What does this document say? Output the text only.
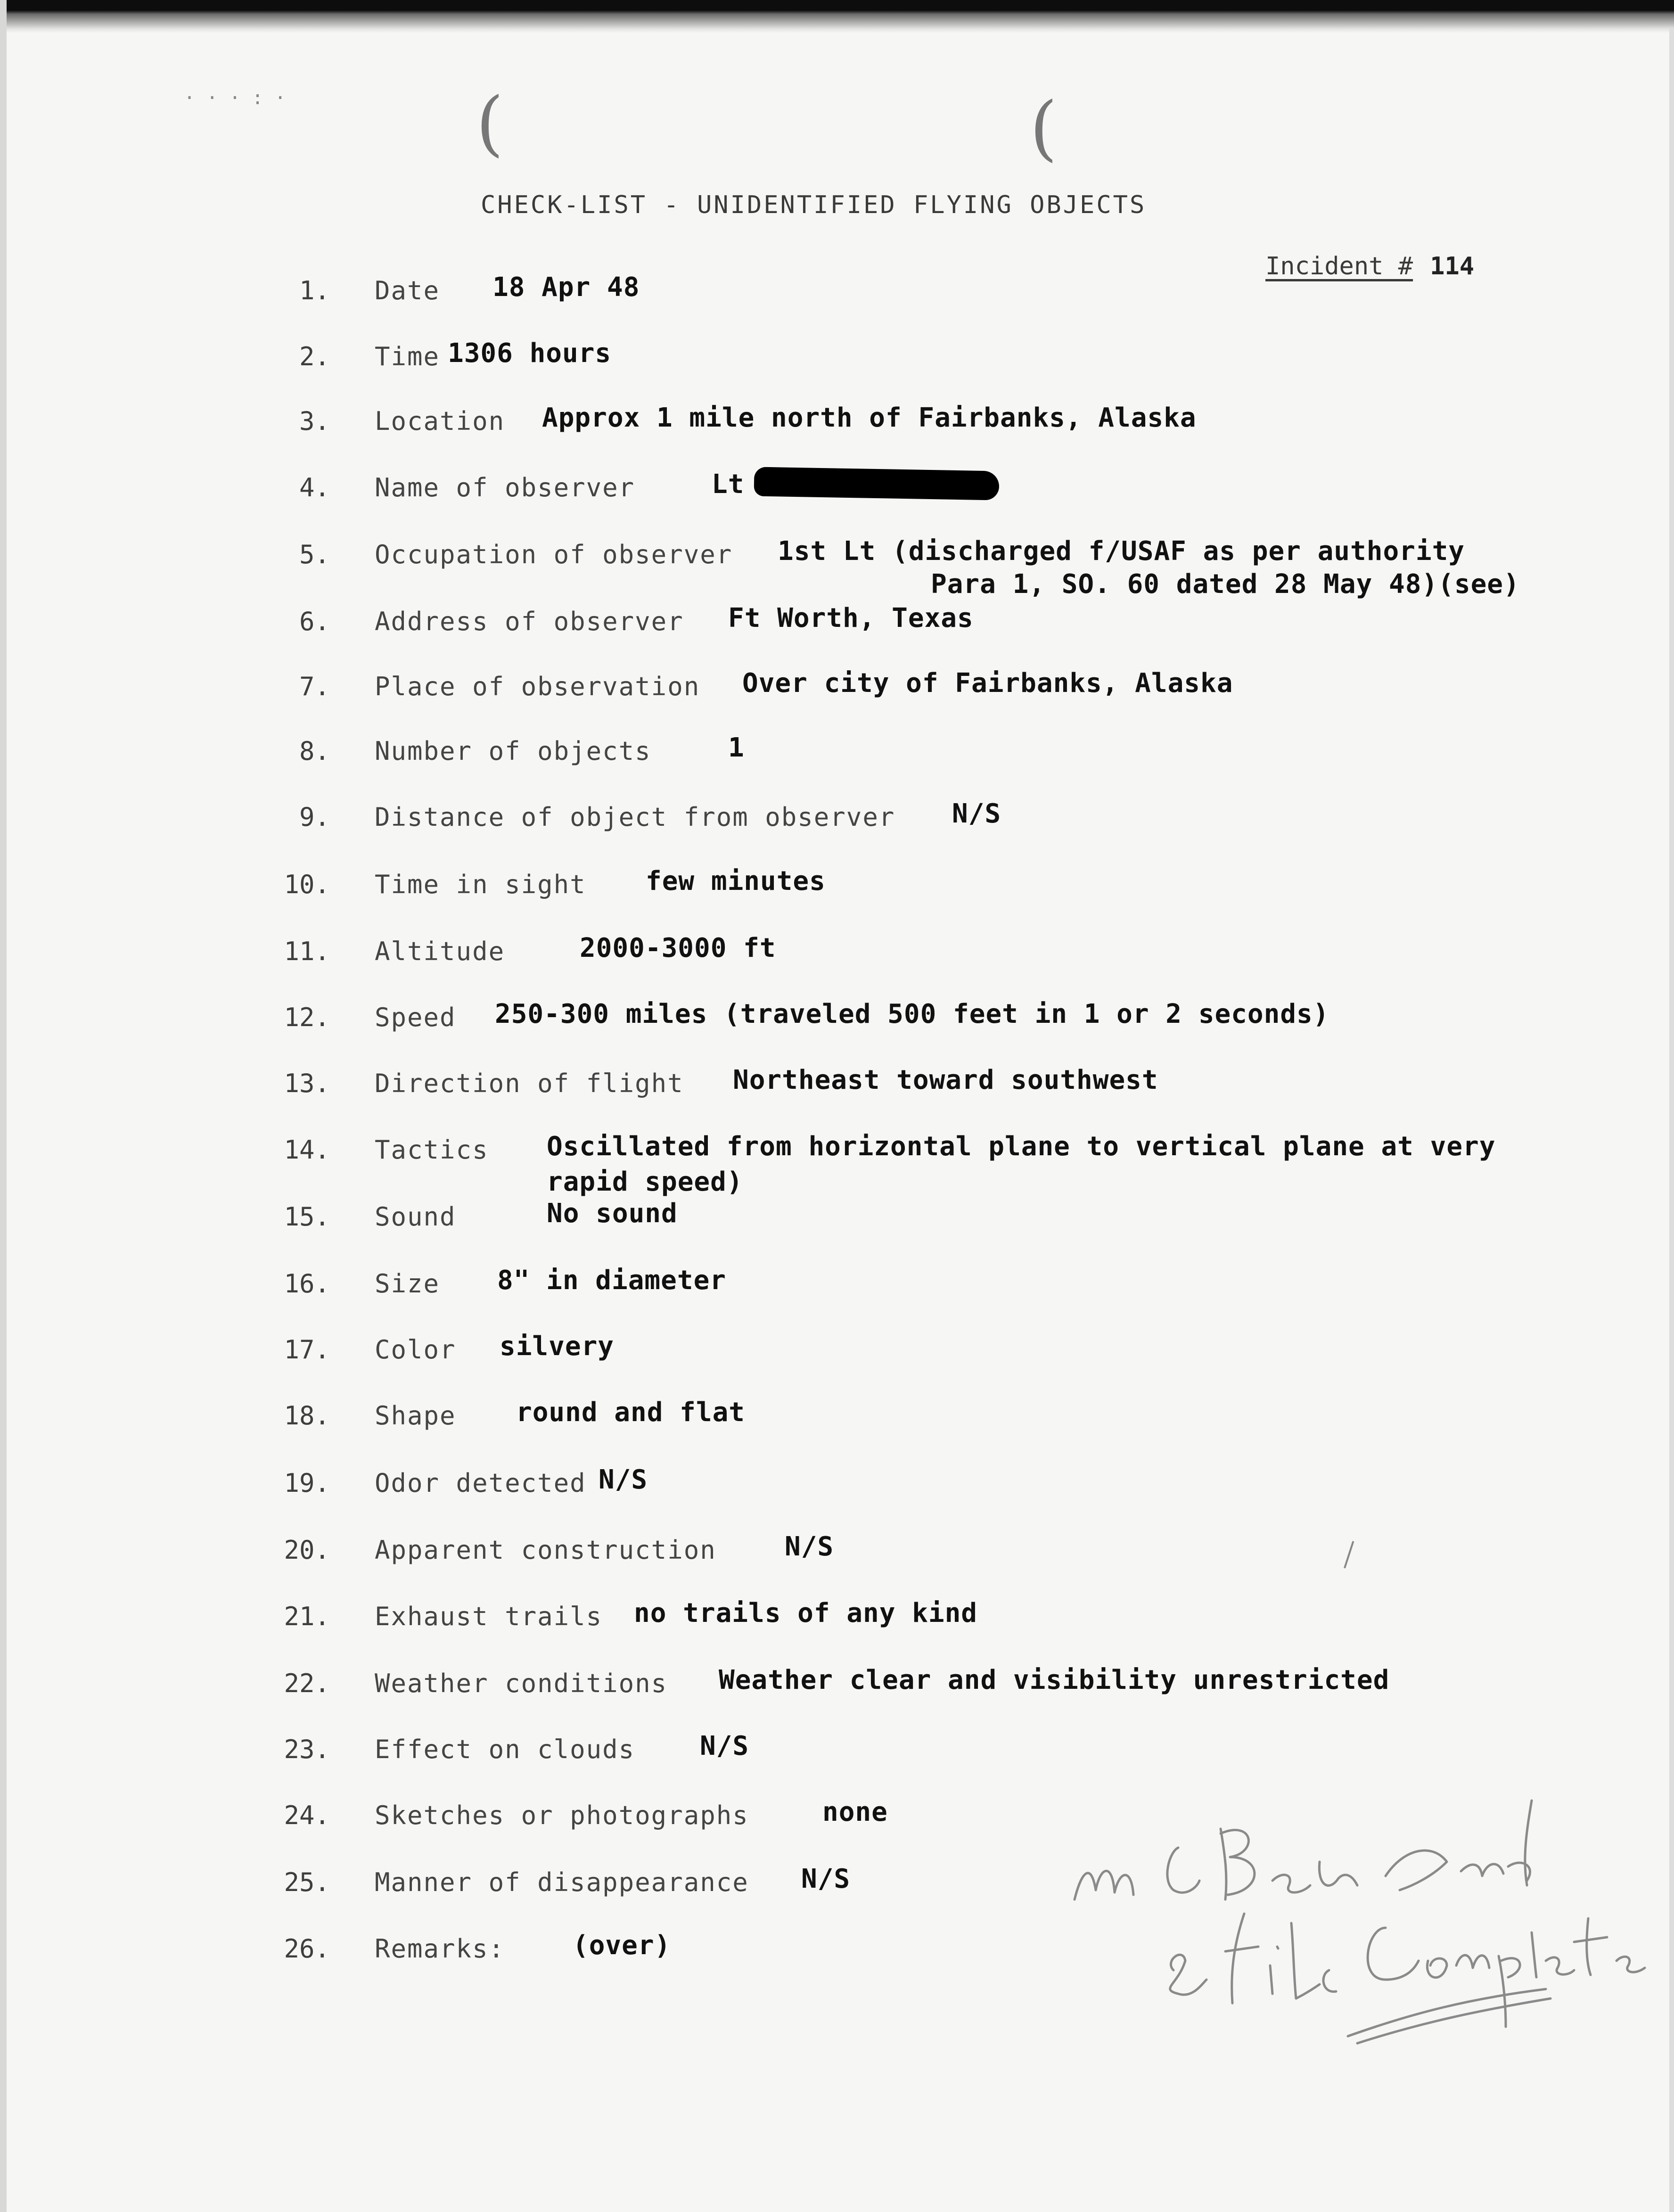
(	(
· · · : ·
CHECK-LIST - UNIDENTIFIED FLYING OBJECTS
Incident # 114
1. Date 18 Apr 48
2. Time 1306 hours
3. Location Approx 1 mile north of Fairbanks, Alaska
4. Name of observer	Lt
5. Occupation of observer 1st Lt (discharged f/USAF as per authority
Para 1, SO. 60 dated 28 May 48)(see)
6. Address of observer Ft Worth, Texas
7. Place of observation Over city of Fairbanks, Alaska
8. Number of objects	1
9. Distance of object from observer N/S
10. Time in sight few minutes
11. Altitude	2000-3000 ft
12. Speed 250-300 miles (traveled 500 feet in 1 or 2 seconds)
13. Direction of flight Northeast toward southwest
14. Tactics Oscillated from horizontal plane to vertical plane at very
rapid speed)
15. Sound	No sound
16. Size 8" in diameter
17. Color silvery
18. Shape round and flat
19. Odor detected N/S
20. Apparent construction	N/S
21. Exhaust trails no trails of any kind
22. Weather conditions Weather clear and visibility unrestricted
23. Effect on clouds N/S
24. Sketches or photographs	none
25. Manner of disappearance N/S
26. Remarks:	(over)
